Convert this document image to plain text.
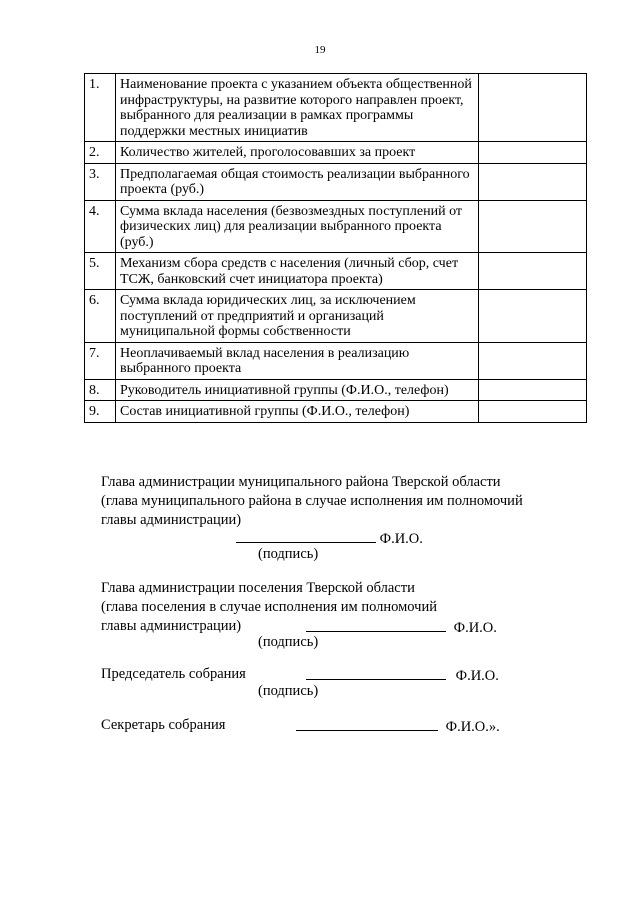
19
1.	Наименование проекта с указанием объекта общественной инфраструктуры, на развитие которого направлен проект, выбранного для реализации в рамках программы поддержки местных инициатив	
2.	Количество жителей, проголосовавших за проект	
3.	Предполагаемая общая стоимость реализации выбранного проекта (руб.)	
4.	Сумма вклада населения (безвозмездных поступлений от физических лиц) для реализации выбранного проекта (руб.)	
5.	Механизм сбора средств с населения (личный сбор, счет ТСЖ, банковский счет инициатора проекта)	
6.	Сумма вклада юридических лиц, за исключением поступлений от предприятий и организаций муниципальной формы собственности	
7.	Неоплачиваемый вклад населения в реализацию выбранного проекта	
8.	Руководитель инициативной группы (Ф.И.О., телефон)	
9.	Состав инициативной группы (Ф.И.О., телефон)	
Глава администрации муниципального района Тверской области
(глава муниципального района в случае исполнения им полномочий
главы администрации)
Ф.И.О.
(подпись)
Глава администрации поселения Тверской области
(глава поселения в случае исполнения им полномочий
главы администрации)	Ф.И.О.
(подпись)
Председатель собрания	Ф.И.О.
(подпись)
Секретарь собрания	Ф.И.О.».
